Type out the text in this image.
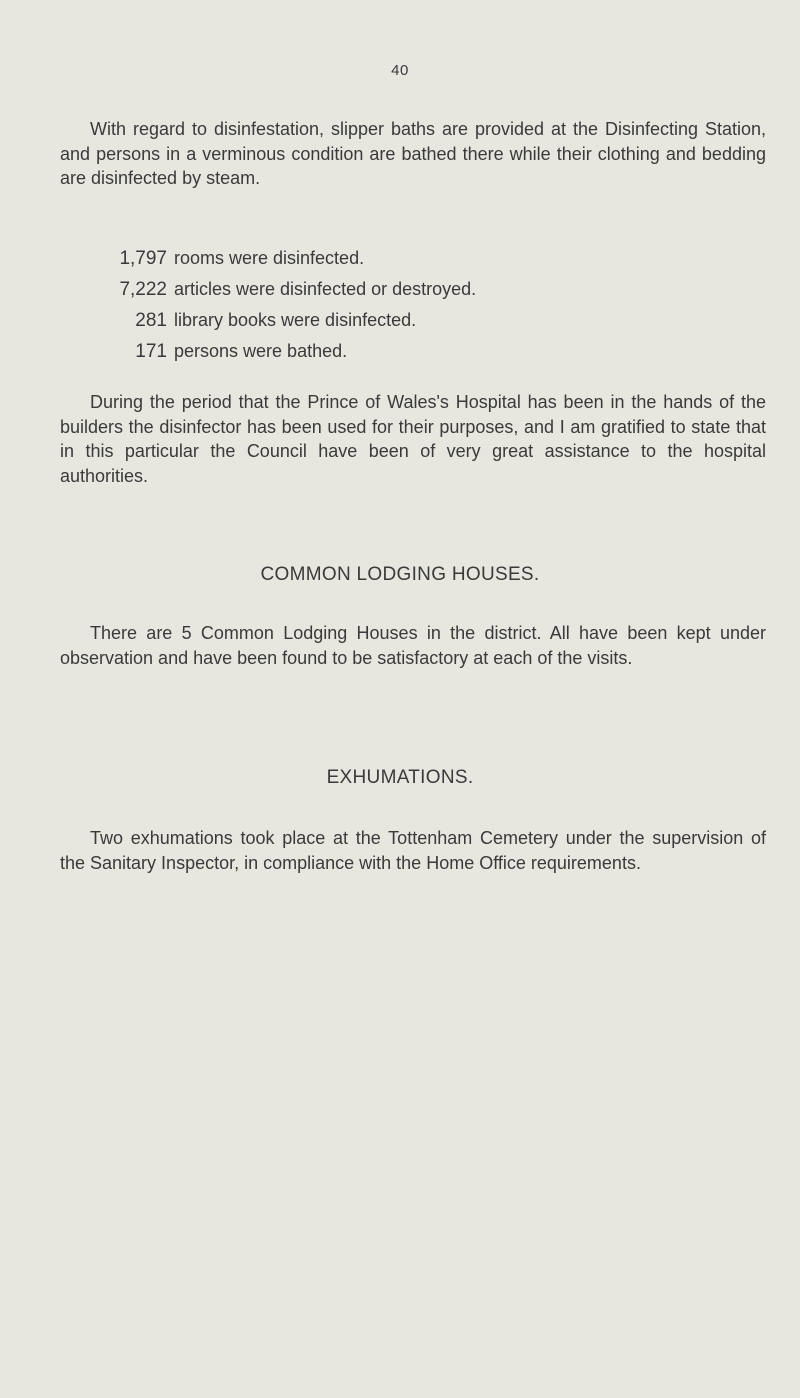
40

With regard to disinfestation, slipper baths are provided at the Disinfecting Station, and persons in a verminous condition are bathed there while their clothing and bedding are disinfected by steam.

1,797 rooms were disinfected.
7,222 articles were disinfected or destroyed.
281 library books were disinfected.
171 persons were bathed.

During the period that the Prince of Wales's Hospital has been in the hands of the builders the disinfector has been used for their purposes, and I am gratified to state that in this particular the Council have been of very great assistance to the hospital authorities.

COMMON LODGING HOUSES.

There are 5 Common Lodging Houses in the district. All have been kept under observation and have been found to be satisfactory at each of the visits.

EXHUMATIONS.

Two exhumations took place at the Tottenham Cemetery under the supervision of the Sanitary Inspector, in compliance with the Home Office requirements.
